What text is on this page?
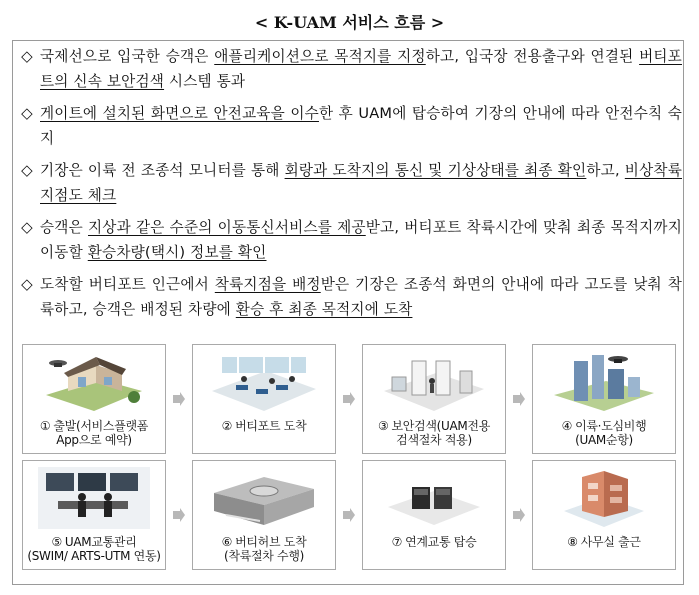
< K-UAM 서비스 흐름 >
◇ 국제선으로 입국한 승객은 애플리케이션으로 목적지를 지정하고, 입국장 전용출구와 연결된 버티포트의 신속 보안검색 시스템 통과
◇ 게이트에 설치된 화면으로 안전교육을 이수한 후 UAM에 탑승하여 기장의 안내에 따라 안전수칙 숙지
◇ 기장은 이륙 전 조종석 모니터를 통해 회랑과 도착지의 통신 및 기상상태를 최종 확인하고, 비상착륙지점도 체크
◇ 승객은 지상과 같은 수준의 이동통신서비스를 제공받고, 버티포트 착륙시간에 맞춰 최종 목적지까지 이동할 환승차량(택시) 정보를 확인
◇ 도착할 버티포트 인근에서 착륙지점을 배정받은 기장은 조종석 화면의 안내에 따라 고도를 낮춰 착륙하고, 승객은 배정된 차량에 환승 후 최종 목적지에 도착
① 출발(서비스플랫폼
App으로 예약)
② 버티포트 도착	③ 보안검색(UAM전용
검색절차 적용)
④ 이륙·도심비행
(UAM순항)
⑤ UAM교통관리
(SWIM/ ARTS-UTM 연동)
⑥ 버티허브 도착
(착륙절차 수행)
⑦ 연계교통 탑승	⑧ 사무실 출근
